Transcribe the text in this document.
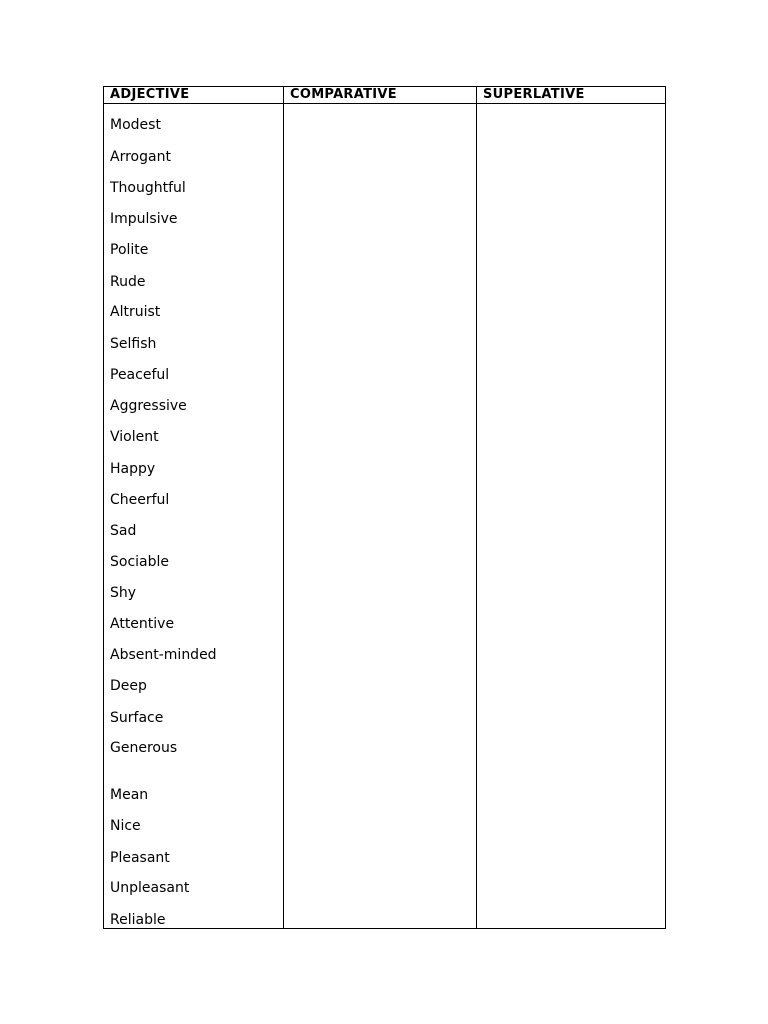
ADJECTIVE	COMPARATIVE	SUPERLATIVE
Modest
Arrogant
Thoughtful
Impulsive
Polite
Rude
Altruist
Selfish
Peaceful
Aggressive
Violent
Happy
Cheerful
Sad
Sociable
Shy
Attentive
Absent-minded
Deep
Surface
Generous
Mean
Nice
Pleasant
Unpleasant
Reliable
